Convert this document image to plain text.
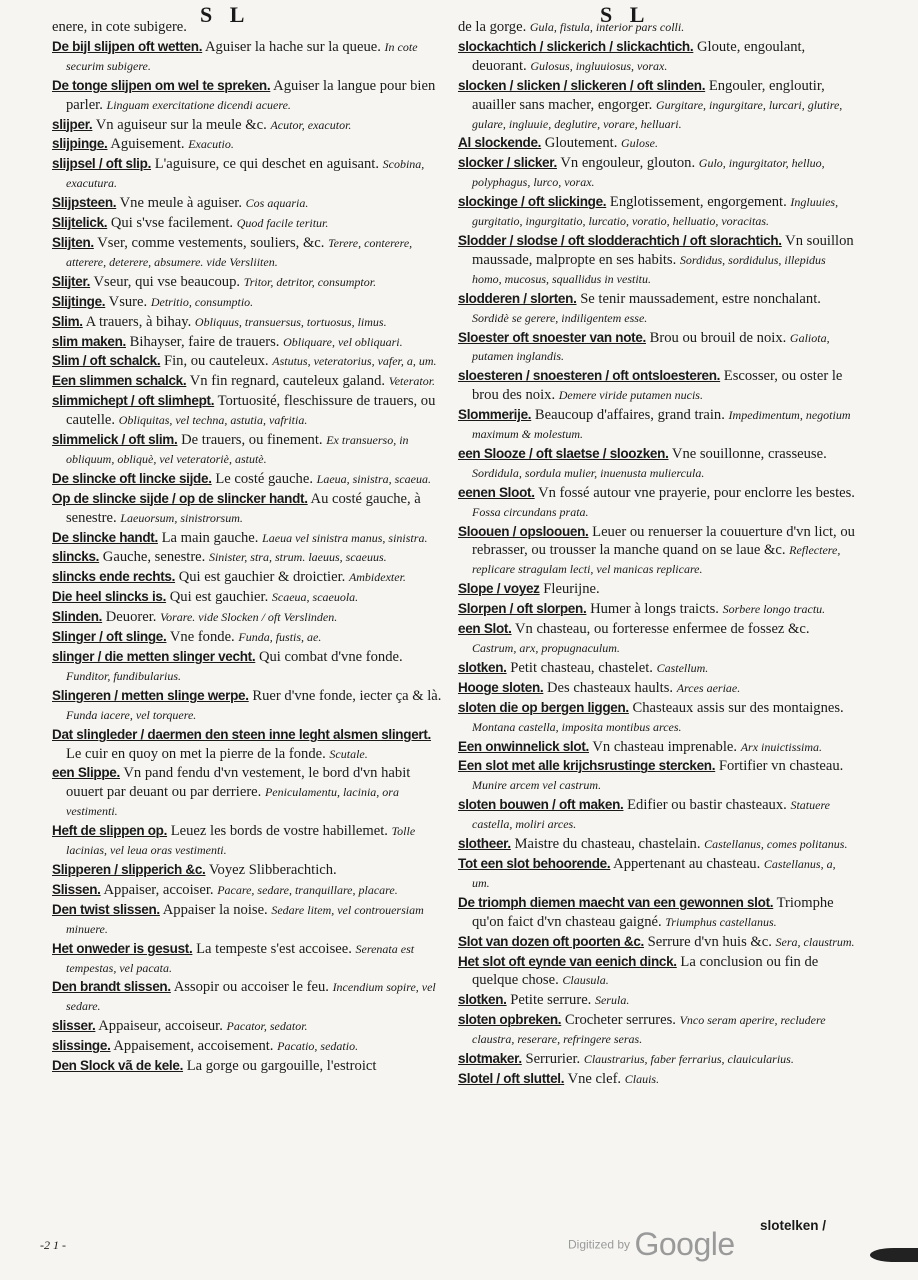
S L	S L
enere, in cote subigere.
De bijl slijpen oft wetten. Aguiser la hache sur la queue. In cote securim subigere.
De tonge slijpen om wel te spreken. Aguiser la langue pour bien parler. Linguam exercitatione dicendi acuere.
slijper. Vn aguiseur sur la meule &c. Acutor, exacutor.
slijpinge. Aguisement. Exacutio.
slijpsel / oft slip. L'aguisure, ce qui deschet en aguisant. Scobina, exacutura.
Slijpsteen. Vne meule à aguiser. Cos aquaria.
Slijtelick. Qui s'vse facilement. Quod facile teritur.
Slijten. Vser, comme vestements, souliers, &c. Terere, conterere, atterere, deterere, absumere. vide Versliiten.
Slijter. Vseur, qui vse beaucoup. Tritor, detritor, consumptor.
Slijtinge. Vsure. Detritio, consumptio.
Slim. A trauers, à bihay. Obliquus, transuersus, tortuosus, limus.
slim maken. Bihayser, faire de trauers. Obliquare, vel obliquari.
Slim / oft schalck. Fin, ou cauteleux. Astutus, veteratorius, vafer, a, um.
Een slimmen schalck. Vn fin regnard, cauteleux galand. Veterator.
slimmichept / oft slimhept. Tortuosité, fleschissure de trauers, ou cautelle. Obliquitas, vel techna, astutia, vafritia.
slimmelick / oft slim. De trauers, ou finement. Ex transuerso, in obliquum, obliquè, vel veteratoriè, astutè.
De slincke oft lincke sijde. Le costé gauche. Laeua, sinistra, scaeua.
Op de slincke sijde / op de slincker handt. Au costé gauche, à senestre. Laeuorsum, sinistrorsum.
De slincke handt. La main gauche. Laeua vel sinistra manus, sinistra.
slincks. Gauche, senestre. Sinister, stra, strum. laeuus, scaeuus.
slincks ende rechts. Qui est gauchier & droictier. Ambidexter.
Die heel slincks is. Qui est gauchier. Scaeua, scaeuola.
Slinden. Deuorer. Vorare. vide Slocken / oft Verslinden.
Slinger / oft slinge. Vne fonde. Funda, fustis, ae.
slinger / die metten slinger vecht. Qui combat d'vne fonde. Funditor, fundibularius.
Slingeren / metten slinge werpe. Ruer d'vne fonde, iecter ça & là. Funda iacere, vel torquere.
Dat slingleder / daermen den steen inne leght alsmen slingert. Le cuir en quoy on met la pierre de la fonde. Scutale.
een Slippe. Vn pand fendu d'vn vestement, le bord d'vn habit ouuert par deuant ou par derriere. Peniculamentu, lacinia, ora vestimenti.
Heft de slippen op. Leuez les bords de vostre habillemet. Tolle lacinias, vel leua oras vestimenti.
Slipperen / slipperich &c. Voyez Slibberachtich.
Slissen. Appaiser, accoiser. Pacare, sedare, tranquillare, placare.
Den twist slissen. Appaiser la noise. Sedare litem, vel controuersiam minuere.
Het onweder is gesust. La tempeste s'est accoisee. Serenata est tempestas, vel pacata.
Den brandt slissen. Assopir ou accoiser le feu. Incendium sopire, vel sedare.
slisser. Appaiseur, accoiseur. Pacator, sedator.
slissinge. Appaisement, accoisement. Pacatio, sedatio.
Den Slock vã de kele. La gorge ou gargouille, l'estroict
de la gorge. Gula, fistula, interior pars colli.
slockachtich / slickerich / slickachtich. Gloute, engoulant, deuorant. Gulosus, ingluuiosus, vorax.
slocken / slicken / slickeren / oft slinden. Engouler, engloutir, auailler sans macher, engorger. Gurgitare, ingurgitare, lurcari, glutire, gulare, ingluuie, deglutire, vorare, helluari.
Al slockende. Gloutement. Gulose.
slocker / slicker. Vn engouleur, glouton. Gulo, ingurgitator, helluo, polyphagus, lurco, vorax.
slockinge / oft slickinge. Englotissement, engorgement. Ingluuies, gurgitatio, ingurgitatio, lurcatio, voratio, helluatio, voracitas.
Slodder / slodse / oft slodderachtich / oft slorachtich. Vn souillon maussade, malpropte en ses habits. Sordidus, sordidulus, illepidus homo, mucosus, squallidus in vestitu.
slodderen / slorten. Se tenir maussadement, estre nonchalant. Sordidè se gerere, indiligentem esse.
Sloester oft snoester van note. Brou ou brouil de noix. Galiota, putamen inglandis.
sloesteren / snoesteren / oft ontsloesteren. Escosser, ou oster le brou des noix. Demere viride putamen nucis.
Slommerije. Beaucoup d'affaires, grand train. Impedimentum, negotium maximum & molestum.
een Slooze / oft slaetse / sloozken. Vne souillonne, crasseuse. Sordidula, sordula mulier, inuenusta muliercula.
eenen Sloot. Vn fossé autour vne prayerie, pour enclorre les bestes. Fossa circundans prata.
Sloouen / opsloouen. Leuer ou renuerser la couuerture d'vn lict, ou rebrasser, ou trousser la manche quand on se laue &c. Reflectere, replicare stragulam lecti, vel manicas replicare.
Slope / voyez Fleurijne.
Slorpen / oft slorpen. Humer à longs traicts. Sorbere longo tractu.
een Slot. Vn chasteau, ou forteresse enfermee de fossez &c. Castrum, arx, propugnaculum.
slotken. Petit chasteau, chastelet. Castellum.
Hooge sloten. Des chasteaux haults. Arces aeriae.
sloten die op bergen liggen. Chasteaux assis sur des montaignes. Montana castella, imposita montibus arces.
Een onwinnelick slot. Vn chasteau imprenable. Arx inuictissima.
Een slot met alle krijchsrustinge stercken. Fortifier vn chasteau. Munire arcem vel castrum.
sloten bouwen / oft maken. Edifier ou bastir chasteaux. Statuere castella, moliri arces.
slotheer. Maistre du chasteau, chastelain. Castellanus, comes politanus.
Tot een slot behoorende. Appertenant au chasteau. Castellanus, a, um.
De triomph diemen maecht van een gewonnen slot. Triomphe qu'on faict d'vn chasteau gaigné. Triumphus castellanus.
Slot van dozen oft poorten &c. Serrure d'vn huis &c. Sera, claustrum.
Het slot oft eynde van eenich dinck. La conclusion ou fin de quelque chose. Clausula.
slotken. Petite serrure. Serula.
sloten opbreken. Crocheter serrures. Vnco seram aperire, recludere claustra, reserare, refringere seras.
slotmaker. Serrurier. Claustrarius, faber ferrarius, clauicularius.
Slotel / oft sluttel. Vne clef. Clauis.
-2 1 -
slotelken /
Digitized by Google
